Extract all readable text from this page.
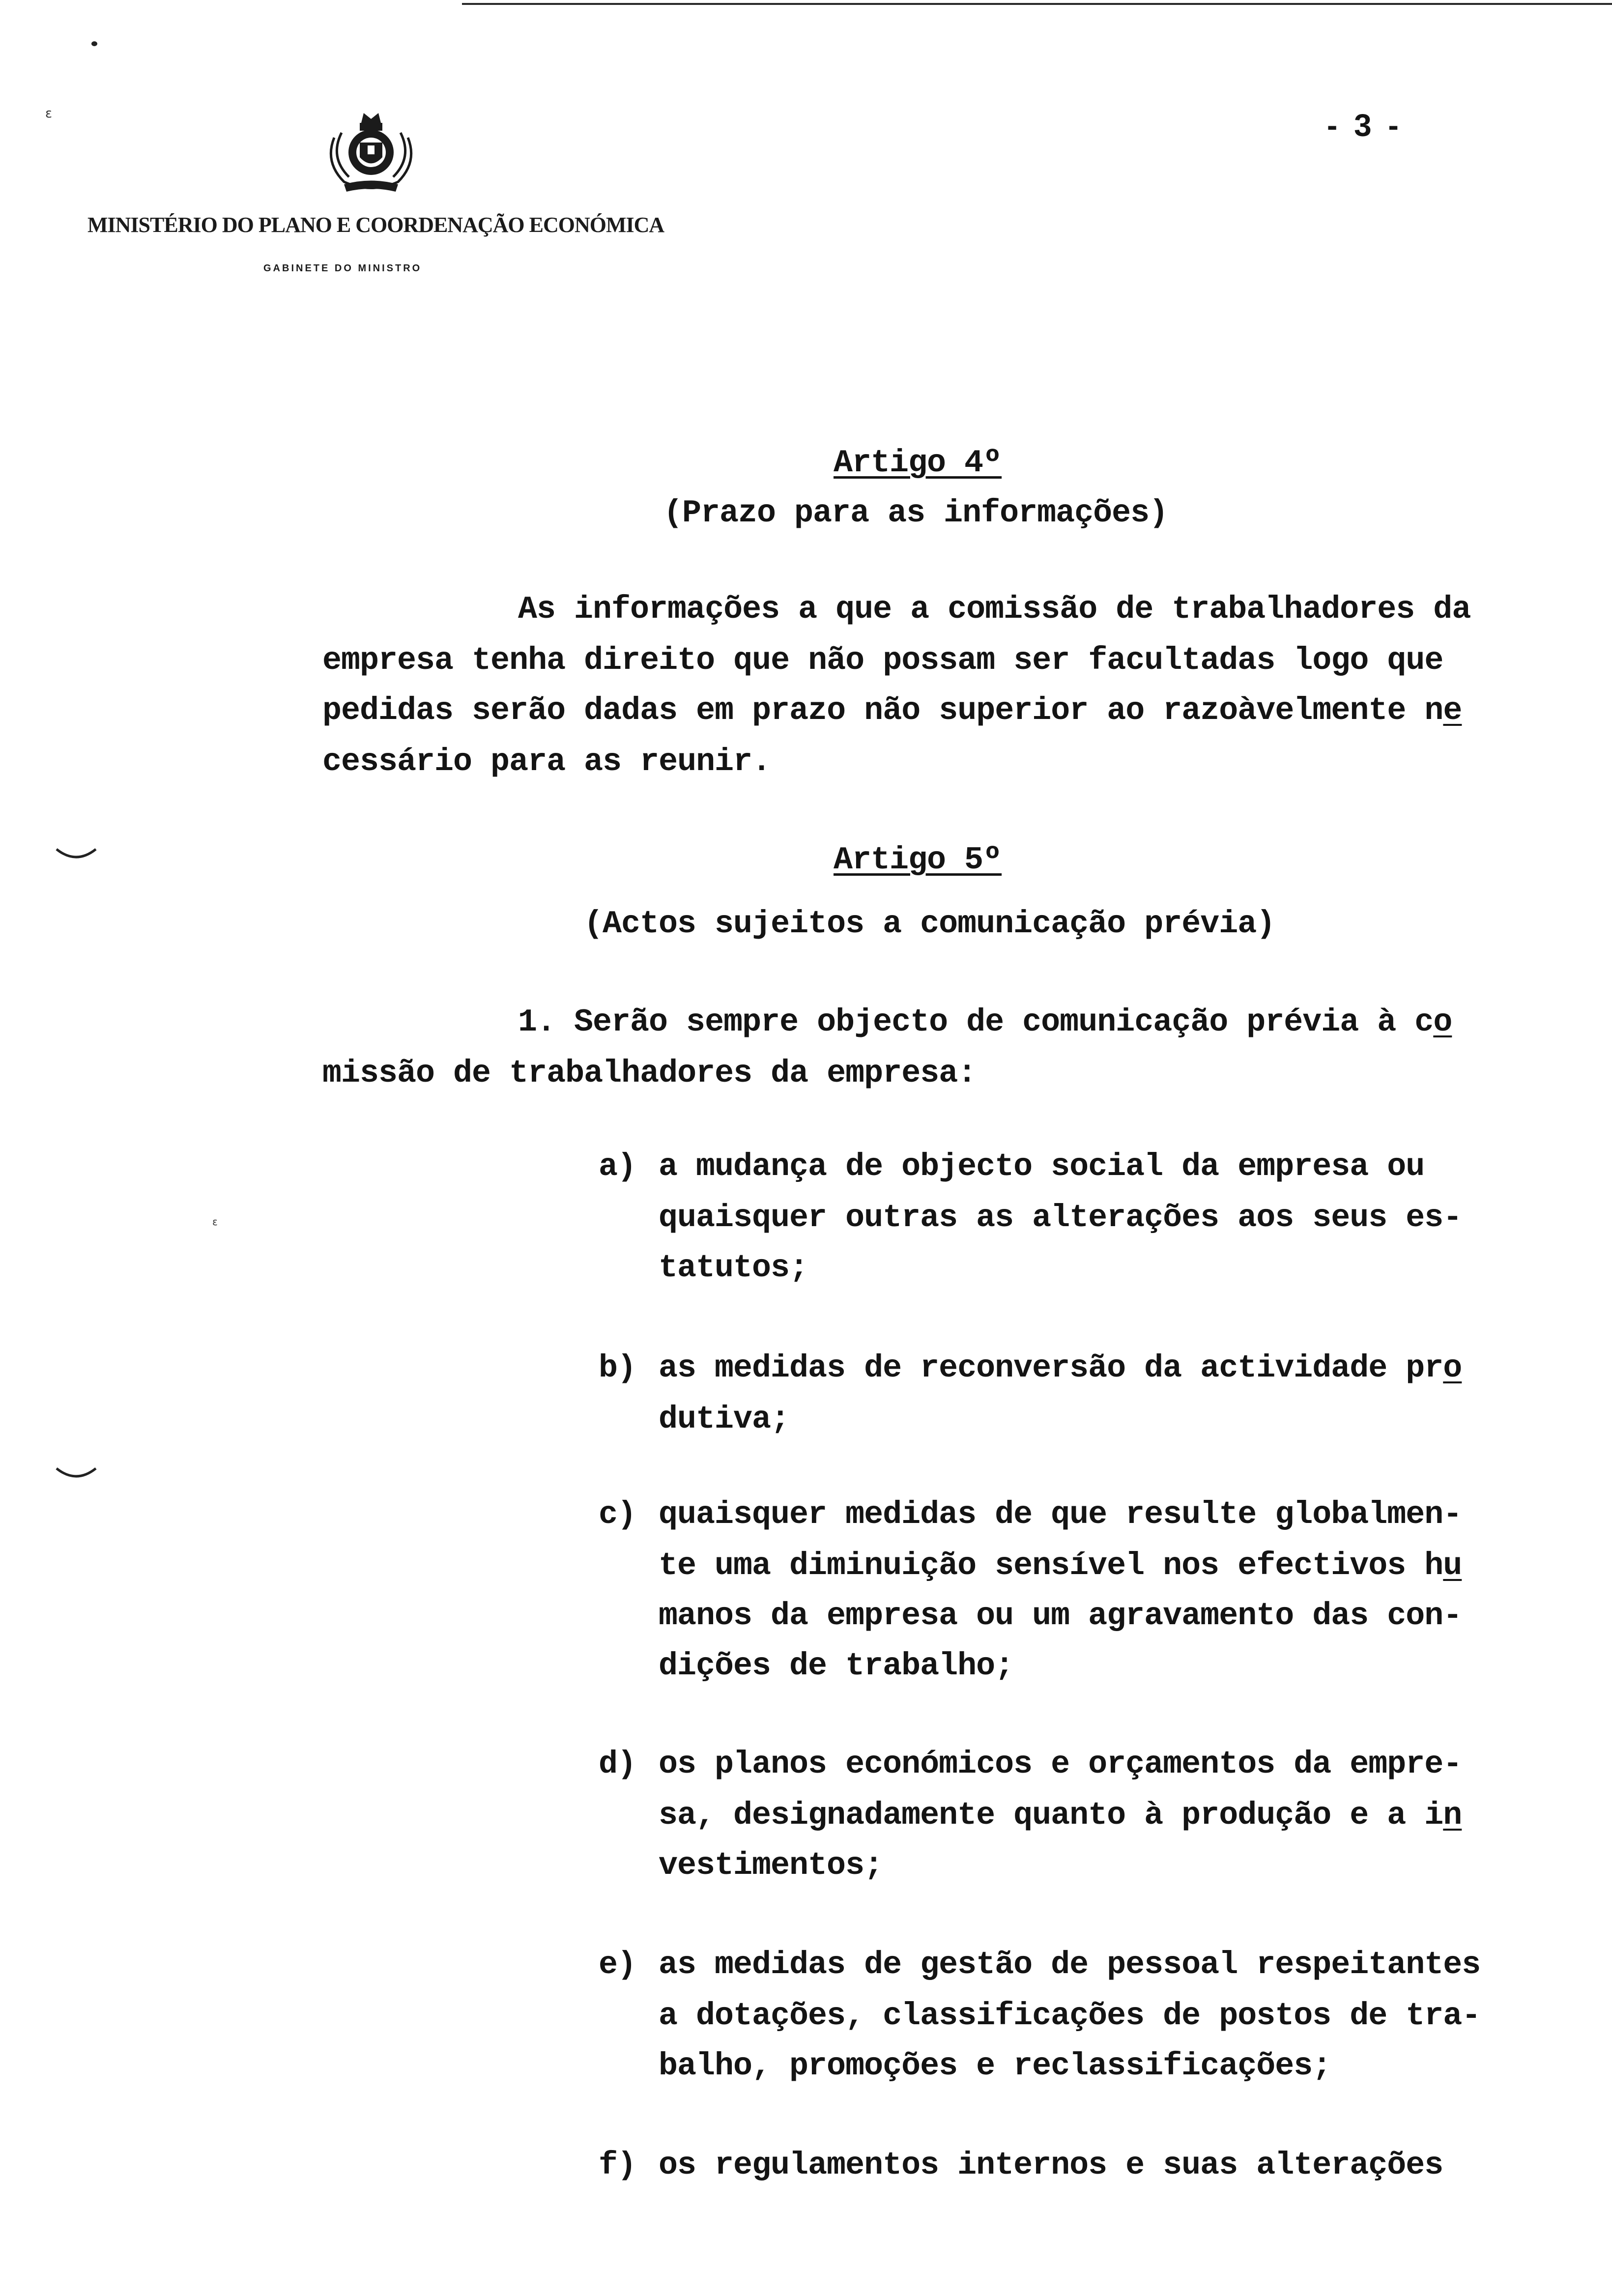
ε
ε
MINISTÉRIO DO PLANO E COORDENAÇÃO ECONÓMICA
GABINETE DO MINISTRO
- 3 -
Artigo 4º
(Prazo para as informações)
As informações a que a comissão de trabalhadores da
empresa tenha direito que não possam ser facultadas logo que
pedidas serão dadas em prazo não superior ao razoàvelmente ne
cessário para as reunir.
Artigo 5º
(Actos sujeitos a comunicação prévia)
1. Serão sempre objecto de comunicação prévia à co
missão de trabalhadores da empresa:
a) a mudança de objecto social da empresa ou
quaisquer outras as alterações aos seus es-
tatutos;
b) as medidas de reconversão da actividade pro
dutiva;
c) quaisquer medidas de que resulte globalmen-
te uma diminuição sensível nos efectivos hu
manos da empresa ou um agravamento das con-
dições de trabalho;
d) os planos económicos e orçamentos da empre-
sa, designadamente quanto à produção e a in
vestimentos;
e) as medidas de gestão de pessoal respeitantes
a dotações, classificações de postos de tra-
balho, promoções e reclassificações;
f) os regulamentos internos e suas alterações
